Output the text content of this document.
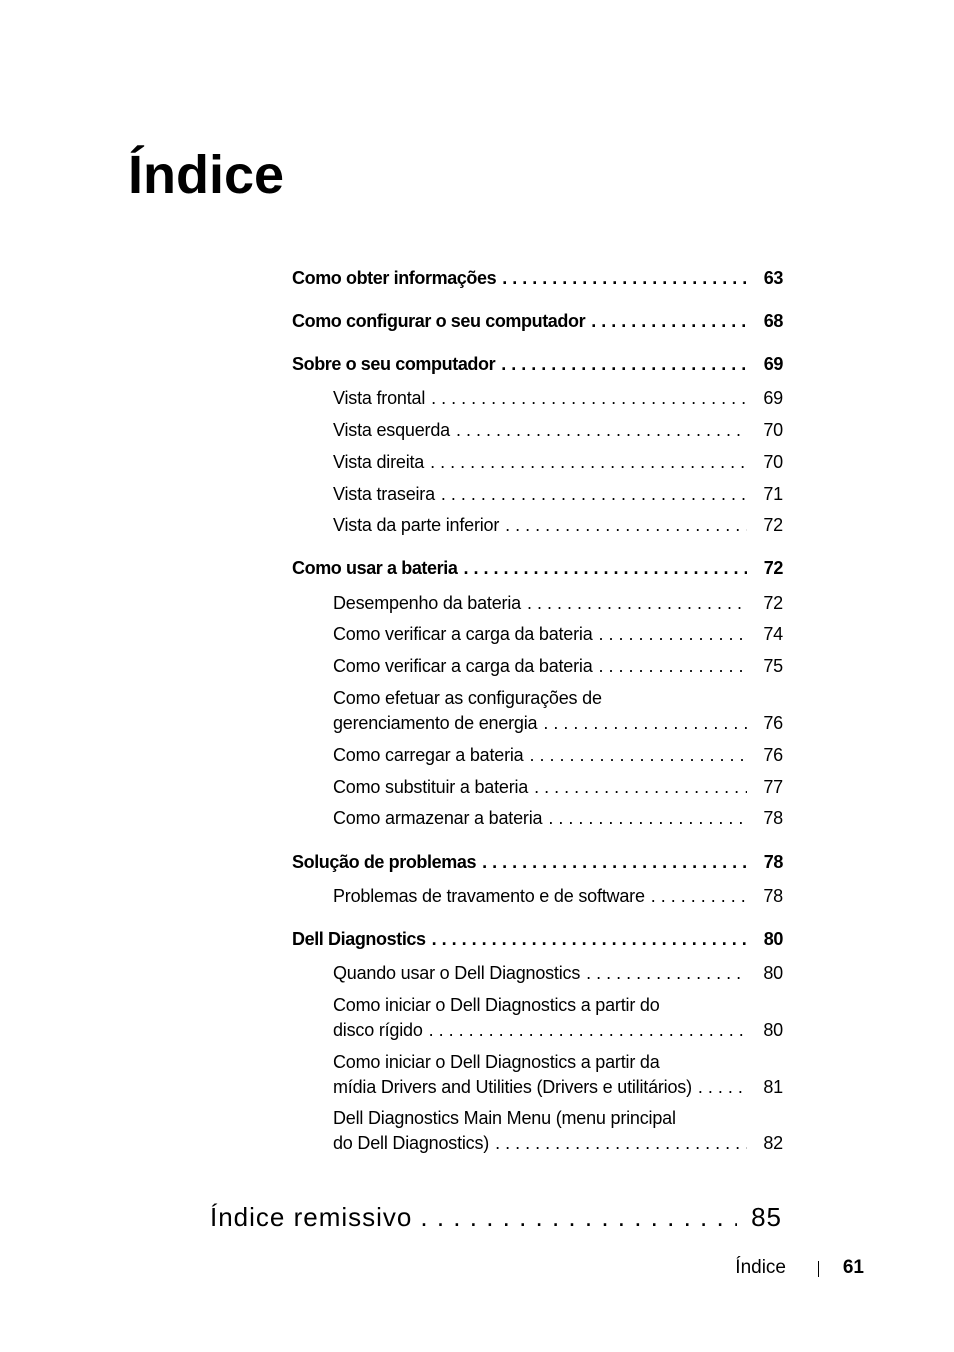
Índice
Como obter informações . . .	63
Como configurar o seu computador . . .	68
Sobre o seu computador . . .	69
Vista frontal . . .	69
Vista esquerda . . .	70
Vista direita . . .	70
Vista traseira . . .	71
Vista da parte inferior . . .	72
Como usar a bateria . . .	72
Desempenho da bateria . . .	72
Como verificar a carga da bateria . . .	74
Como verificar a carga da bateria . . .	75
Como efetuar as configurações de
gerenciamento de energia . . .	76
Como carregar a bateria . . .	76
Como substituir a bateria . . .	77
Como armazenar a bateria . . .	78
Solução de problemas . . .	78
Problemas de travamento e de software . . .	78
Dell Diagnostics . . .	80
Quando usar o Dell Diagnostics . . .	80
Como iniciar o Dell Diagnostics a partir do
disco rígido . . .	80
Como iniciar o Dell Diagnostics a partir da
mídia Drivers and Utilities (Drivers e utilitários) . . .	81
Dell Diagnostics Main Menu (menu principal
do Dell Diagnostics) . . .	82
Índice remissivo . . .	85
Índice	61
